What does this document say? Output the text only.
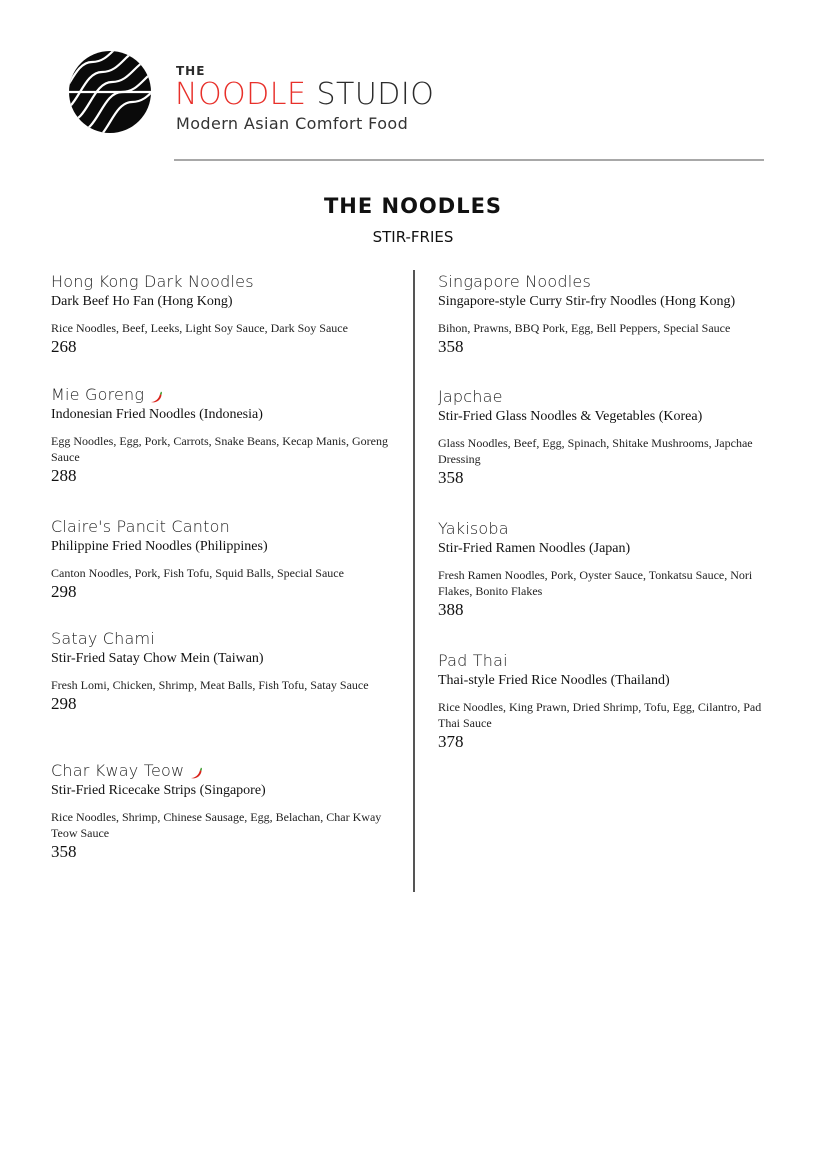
THE
NOODLE STUDIO
Modern Asian Comfort Food
THE NOODLES
STIR-FRIES
Hong Kong Dark Noodles
Dark Beef Ho Fan (Hong Kong)
Rice Noodles, Beef, Leeks, Light Soy Sauce, Dark Soy Sauce
268
Mie Goreng
Indonesian Fried Noodles (Indonesia)
Egg Noodles, Egg, Pork, Carrots, Snake Beans, Kecap Manis, Goreng Sauce
288
Claire's Pancit Canton
Philippine Fried Noodles (Philippines)
Canton Noodles, Pork, Fish Tofu, Squid Balls, Special Sauce
298
Satay Chami
Stir-Fried Satay Chow Mein (Taiwan)
Fresh Lomi, Chicken, Shrimp, Meat Balls, Fish Tofu, Satay Sauce
298
Char Kway Teow
Stir-Fried Ricecake Strips (Singapore)
Rice Noodles, Shrimp, Chinese Sausage, Egg, Belachan, Char Kway Teow Sauce
358
Singapore Noodles
Singapore-style Curry Stir-fry Noodles (Hong Kong)
Bihon, Prawns, BBQ Pork, Egg, Bell Peppers, Special Sauce
358
Japchae
Stir-Fried Glass Noodles & Vegetables (Korea)
Glass Noodles, Beef, Egg, Spinach, Shitake Mushrooms, Japchae Dressing
358
Yakisoba
Stir-Fried Ramen Noodles (Japan)
Fresh Ramen Noodles, Pork, Oyster Sauce, Tonkatsu Sauce, Nori Flakes, Bonito Flakes
388
Pad Thai
Thai-style Fried Rice Noodles (Thailand)
Rice Noodles, King Prawn, Dried Shrimp, Tofu, Egg, Cilantro, Pad Thai Sauce
378
